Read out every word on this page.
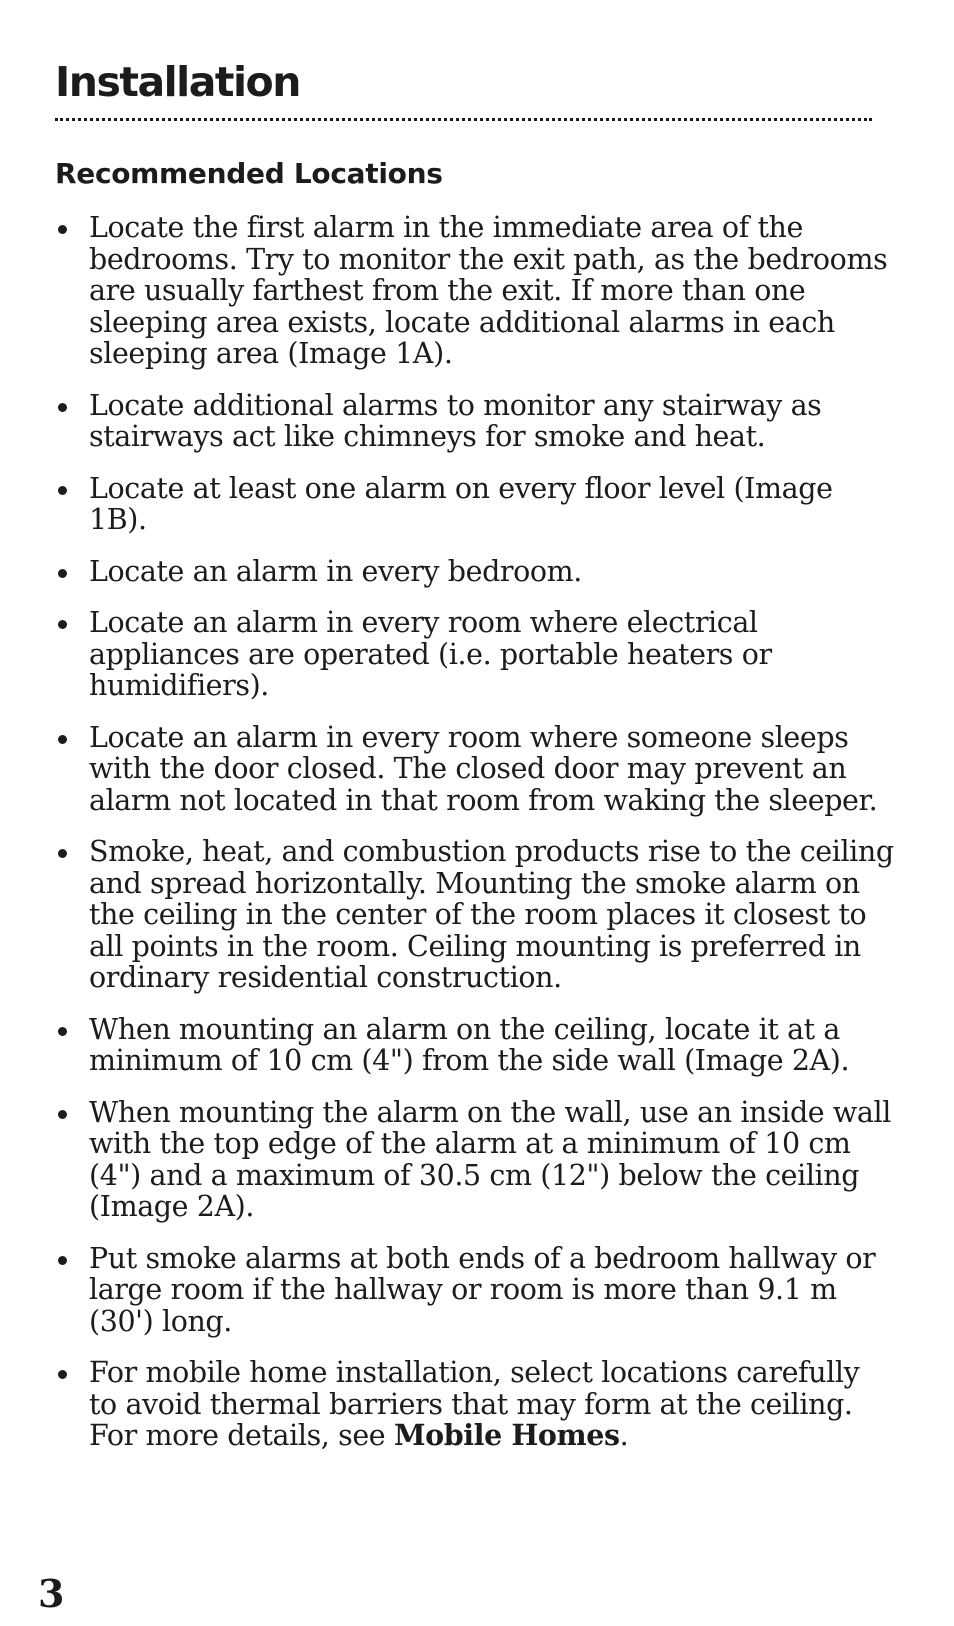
Installation
Recommended Locations
Locate the first alarm in the immediate area of the bedrooms. Try to monitor the exit path, as the bedrooms are usually farthest from the exit. If more than one sleeping area exists, locate additional alarms in each sleeping area (Image 1A).
Locate additional alarms to monitor any stairway as stairways act like chimneys for smoke and heat.
Locate at least one alarm on every floor level (Image 1B).
Locate an alarm in every bedroom.
Locate an alarm in every room where electrical appliances are operated (i.e. portable heaters or humidifiers).
Locate an alarm in every room where someone sleeps with the door closed. The closed door may prevent an alarm not located in that room from waking the sleeper.
Smoke, heat, and combustion products rise to the ceiling and spread horizontally. Mounting the smoke alarm on the ceiling in the center of the room places it closest to all points in the room. Ceiling mounting is preferred in ordinary residential construction.
When mounting an alarm on the ceiling, locate it at a minimum of 10 cm (4") from the side wall (Image 2A).
When mounting the alarm on the wall, use an inside wall with the top edge of the alarm at a minimum of 10 cm (4") and a maximum of 30.5 cm (12") below the ceiling (Image 2A).
Put smoke alarms at both ends of a bedroom hallway or large room if the hallway or room is more than 9.1 m (30') long.
For mobile home installation, select locations carefully to avoid thermal barriers that may form at the ceiling. For more details, see Mobile Homes.
3
